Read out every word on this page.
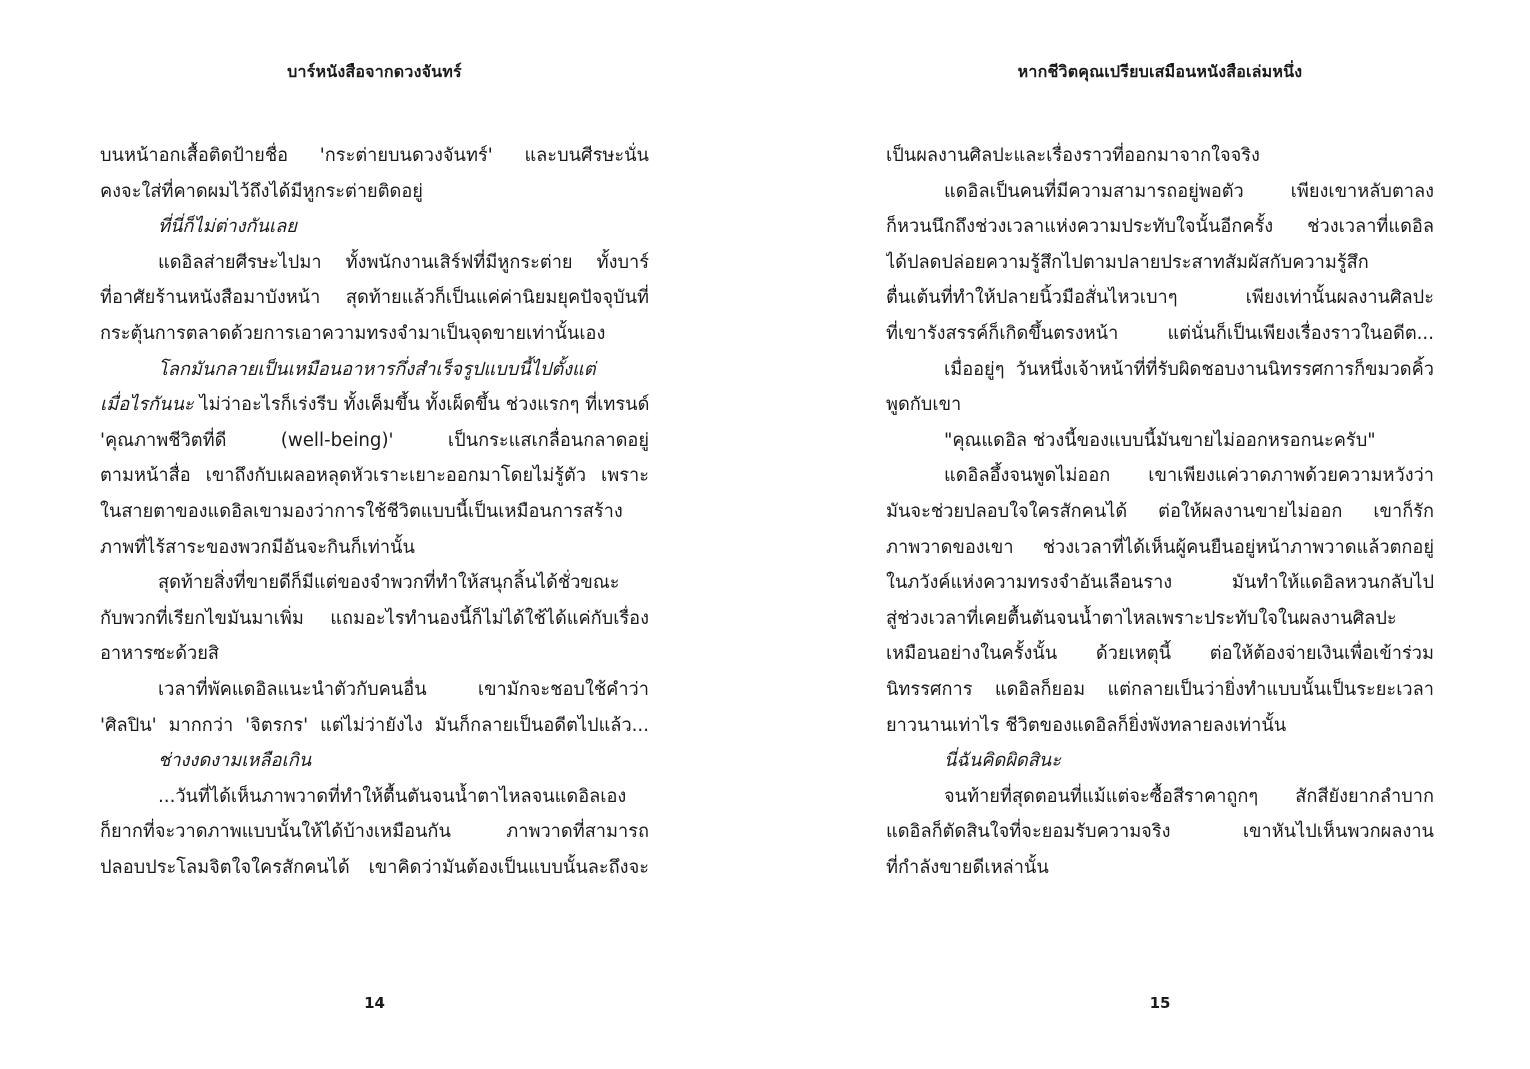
บาร์หนังสือจากดวงจันทร์
บนหน้าอกเสื้อติดป้ายชื่อ 'กระต่ายบนดวงจันทร์' และบนศีรษะนั่น
คงจะใส่ที่คาดผมไว้ถึงได้มีหูกระต่ายติดอยู่
ที่นี่ก็ไม่ต่างกันเลย
แดอิลส่ายศีรษะไปมา ทั้งพนักงานเสิร์ฟที่มีหูกระต่าย ทั้งบาร์
ที่อาศัยร้านหนังสือมาบังหน้า สุดท้ายแล้วก็เป็นแค่ค่านิยมยุคปัจจุบันที่
กระตุ้นการตลาดด้วยการเอาความทรงจำมาเป็นจุดขายเท่านั้นเอง
โลกมันกลายเป็นเหมือนอาหารกึ่งสำเร็จรูปแบบนี้ไปตั้งแต่
เมื่อไรกันนะ ไม่ว่าอะไรก็เร่งรีบ ทั้งเค็มขึ้น ทั้งเผ็ดขึ้น ช่วงแรกๆ ที่เทรนด์
'คุณภาพชีวิตที่ดี (well-being)' เป็นกระแสเกลื่อนกลาดอยู่
ตามหน้าสื่อ เขาถึงกับเผลอหลุดหัวเราะเยาะออกมาโดยไม่รู้ตัว เพราะ
ในสายตาของแดอิลเขามองว่าการใช้ชีวิตแบบนี้เป็นเหมือนการสร้าง
ภาพที่ไร้สาระของพวกมีอันจะกินก็เท่านั้น
สุดท้ายสิ่งที่ขายดีก็มีแต่ของจำพวกที่ทำให้สนุกลิ้นได้ชั่วขณะ
กับพวกที่เรียกไขมันมาเพิ่ม แถมอะไรทำนองนี้ก็ไม่ได้ใช้ได้แค่กับเรื่อง
อาหารซะด้วยสิ
เวลาที่พัคแดอิลแนะนำตัวกับคนอื่น เขามักจะชอบใช้คำว่า
'ศิลปิน' มากกว่า 'จิตรกร' แต่ไม่ว่ายังไง มันก็กลายเป็นอดีตไปแล้ว...
ช่างงดงามเหลือเกิน
...วันที่ได้เห็นภาพวาดที่ทำให้ตื้นตันจนน้ำตาไหลจนแดอิลเอง
ก็ยากที่จะวาดภาพแบบนั้นให้ได้บ้างเหมือนกัน ภาพวาดที่สามารถ
ปลอบประโลมจิตใจใครสักคนได้ เขาคิดว่ามันต้องเป็นแบบนั้นละถึงจะ
14
หากชีวิตคุณเปรียบเสมือนหนังสือเล่มหนึ่ง
เป็นผลงานศิลปะและเรื่องราวที่ออกมาจากใจจริง
แดอิลเป็นคนที่มีความสามารถอยู่พอตัว เพียงเขาหลับตาลง
ก็หวนนึกถึงช่วงเวลาแห่งความประทับใจนั้นอีกครั้ง ช่วงเวลาที่แดอิล
ได้ปลดปล่อยความรู้สึกไปตามปลายประสาทสัมผัสกับความรู้สึก
ตื่นเต้นที่ทำให้ปลายนิ้วมือสั่นไหวเบาๆ เพียงเท่านั้นผลงานศิลปะ
ที่เขารังสรรค์ก็เกิดขึ้นตรงหน้า แต่นั่นก็เป็นเพียงเรื่องราวในอดีต...
เมื่ออยู่ๆ วันหนึ่งเจ้าหน้าที่ที่รับผิดชอบงานนิทรรศการก็ขมวดคิ้ว
พูดกับเขา
"คุณแดอิล ช่วงนี้ของแบบนี้มันขายไม่ออกหรอกนะครับ"
แดอิลอึ้งจนพูดไม่ออก เขาเพียงแค่วาดภาพด้วยความหวังว่า
มันจะช่วยปลอบใจใครสักคนได้ ต่อให้ผลงานขายไม่ออก เขาก็รัก
ภาพวาดของเขา ช่วงเวลาที่ได้เห็นผู้คนยืนอยู่หน้าภาพวาดแล้วตกอยู่
ในภวังค์แห่งความทรงจำอันเลือนราง มันทำให้แดอิลหวนกลับไป
สู่ช่วงเวลาที่เคยตื้นตันจนน้ำตาไหลเพราะประทับใจในผลงานศิลปะ
เหมือนอย่างในครั้งนั้น ด้วยเหตุนี้ ต่อให้ต้องจ่ายเงินเพื่อเข้าร่วม
นิทรรศการ แดอิลก็ยอม แต่กลายเป็นว่ายิ่งทำแบบนั้นเป็นระยะเวลา
ยาวนานเท่าไร ชีวิตของแดอิลก็ยิ่งพังทลายลงเท่านั้น
นี่ฉันคิดผิดสินะ
จนท้ายที่สุดตอนที่แม้แต่จะซื้อสีราคาถูกๆ สักสียังยากลำบาก
แดอิลก็ตัดสินใจที่จะยอมรับความจริง เขาหันไปเห็นพวกผลงาน
ที่กำลังขายดีเหล่านั้น
15
